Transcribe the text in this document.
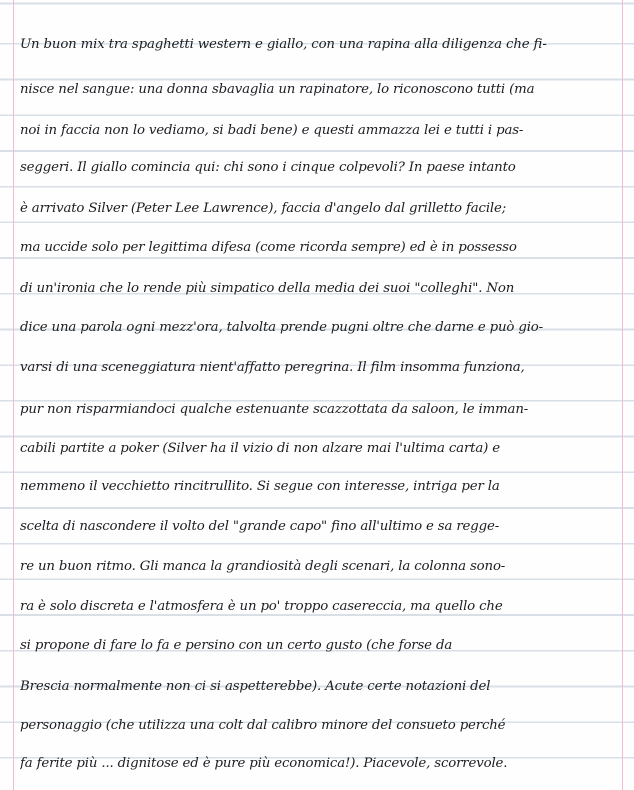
Un buon mix tra spaghetti western e giallo, con una rapina alla diligenza che fi-
nisce nel sangue: una donna sbavaglia un rapinatore, lo riconoscono tutti (ma
noi in faccia non lo vediamo, si badi bene) e questi ammazza lei e tutti i pas-
seggeri. Il giallo comincia qui: chi sono i cinque colpevoli? In paese intanto
è arrivato Silver (Peter Lee Lawrence), faccia d'angelo dal grilletto facile;
ma uccide solo per legittima difesa (come ricorda sempre) ed è in possesso
di un'ironia che lo rende più simpatico della media dei suoi "colleghi". Non
dice una parola ogni mezz'ora, talvolta prende pugni oltre che darne e può gio-
varsi di una sceneggiatura nient'affatto peregrina. Il film insomma funziona,
pur non risparmiandoci qualche estenuante scazzottata da saloon, le imman-
cabili partite a poker (Silver ha il vizio di non alzare mai l'ultima carta) e
nemmeno il vecchietto rincitrullito. Si segue con interesse, intriga per la
scelta di nascondere il volto del "grande capo" fino all'ultimo e sa regge-
re un buon ritmo. Gli manca la grandiosità degli scenari, la colonna sono-
ra è solo discreta e l'atmosfera è un po' troppo casereccia, ma quello che
si propone di fare lo fa e persino con un certo gusto (che forse da
Brescia normalmente non ci si aspetterebbe). Acute certe notazioni del
personaggio (che utilizza una colt dal calibro minore del consueto perché
fa ferite più ... dignitose ed è pure più economica!). Piacevole, scorrevole.
